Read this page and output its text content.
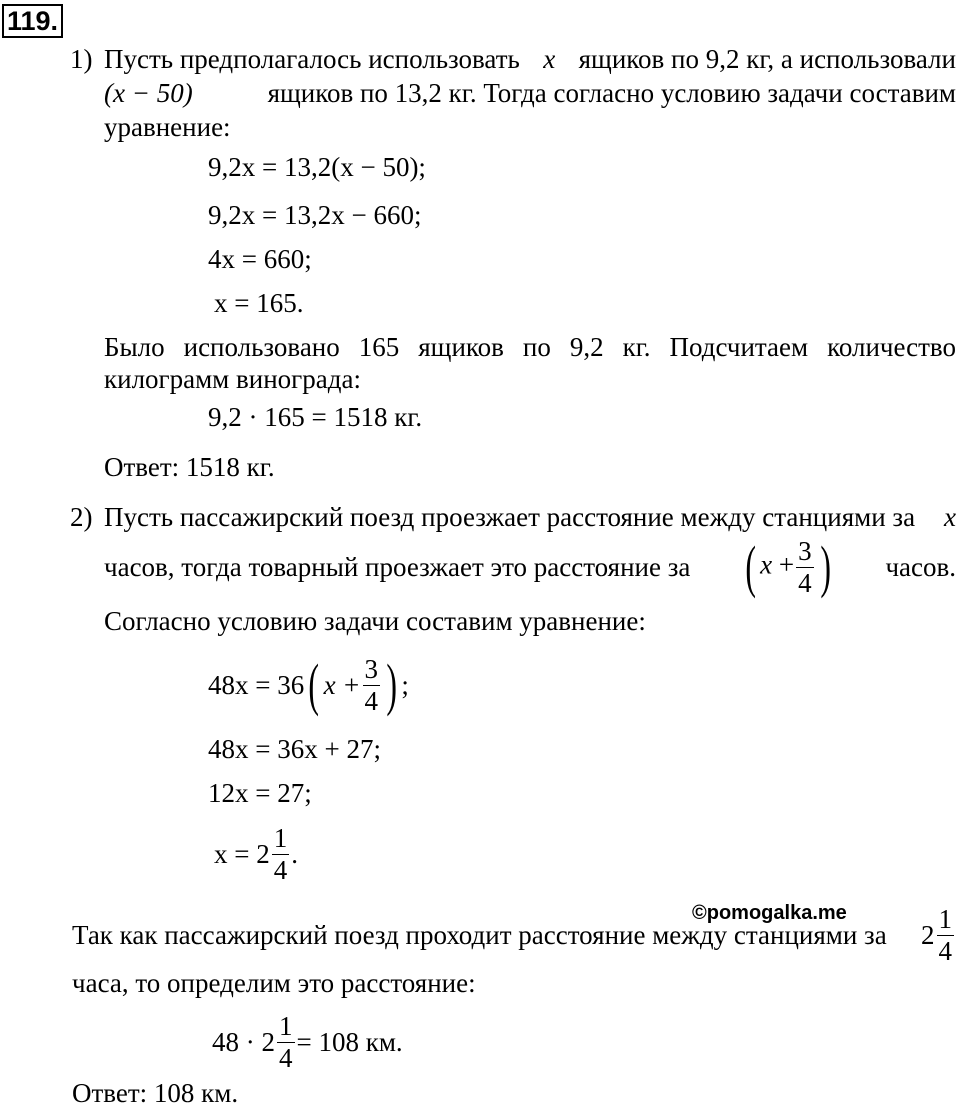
119.
1) Пусть предполагалось использовать x ящиков по 9,2 кг, а использовали
(x − 50)	ящиков по 13,2 кг. Тогда согласно условию задачи составим
уравнение:
9,2x = 13,2(x − 50);
9,2x = 13,2x − 660;
4x = 660;
x = 165.
Было использовано 165 ящиков по 9,2 кг. Подсчитаем количество
килограмм винограда:
9,2 · 165 = 1518 кг.
Ответ: 1518 кг.
2) Пусть пассажирский поезд проезжает расстояние между станциями за x
часов, тогда товарный проезжает это расстояние за ( $x + \frac{3}{4}$ ) часов.
Согласно условию задачи составим уравнение:
48x = 36 ( $x + \frac{3}{4}$ ) ;
48x = 36x + 27;
12x = 27;
$x = 2 \frac{1}{4}$ .
©pomogalka.me
Так как пассажирский поезд проходит расстояние между станциями за $2 \frac{1}{4}$
часа, то определим это расстояние:
$48 \cdot 2 \frac{1}{4} = 108$ км.
Ответ: 108 км.
